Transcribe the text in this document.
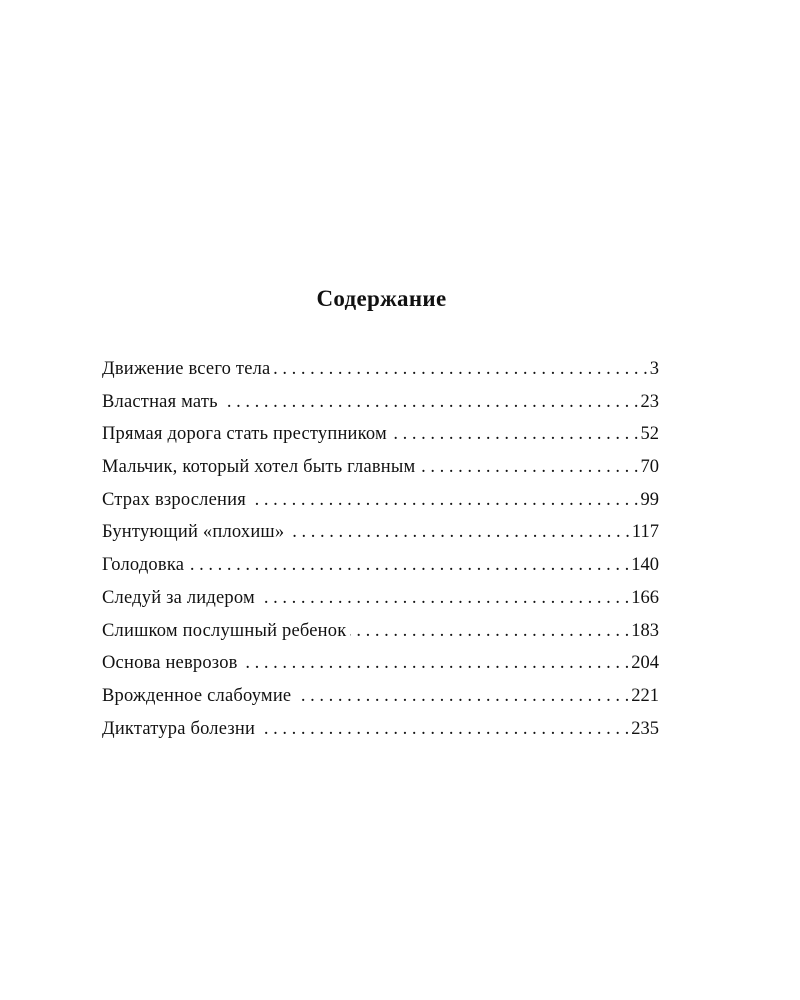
Содержание
Движение всего тела . . .	3
Властная мать . . .	23
Прямая дорога стать преступником . . .	52
Мальчик, который хотел быть главным . . .	70
Страх взросления . . .	99
Бунтующий «плохиш» . . .	117
Голодовка . . .	140
Следуй за лидером . . .	166
Слишком послушный ребенок . . .	183
Основа неврозов . . .	204
Врожденное слабоумие . . .	221
Диктатура болезни . . .	235
